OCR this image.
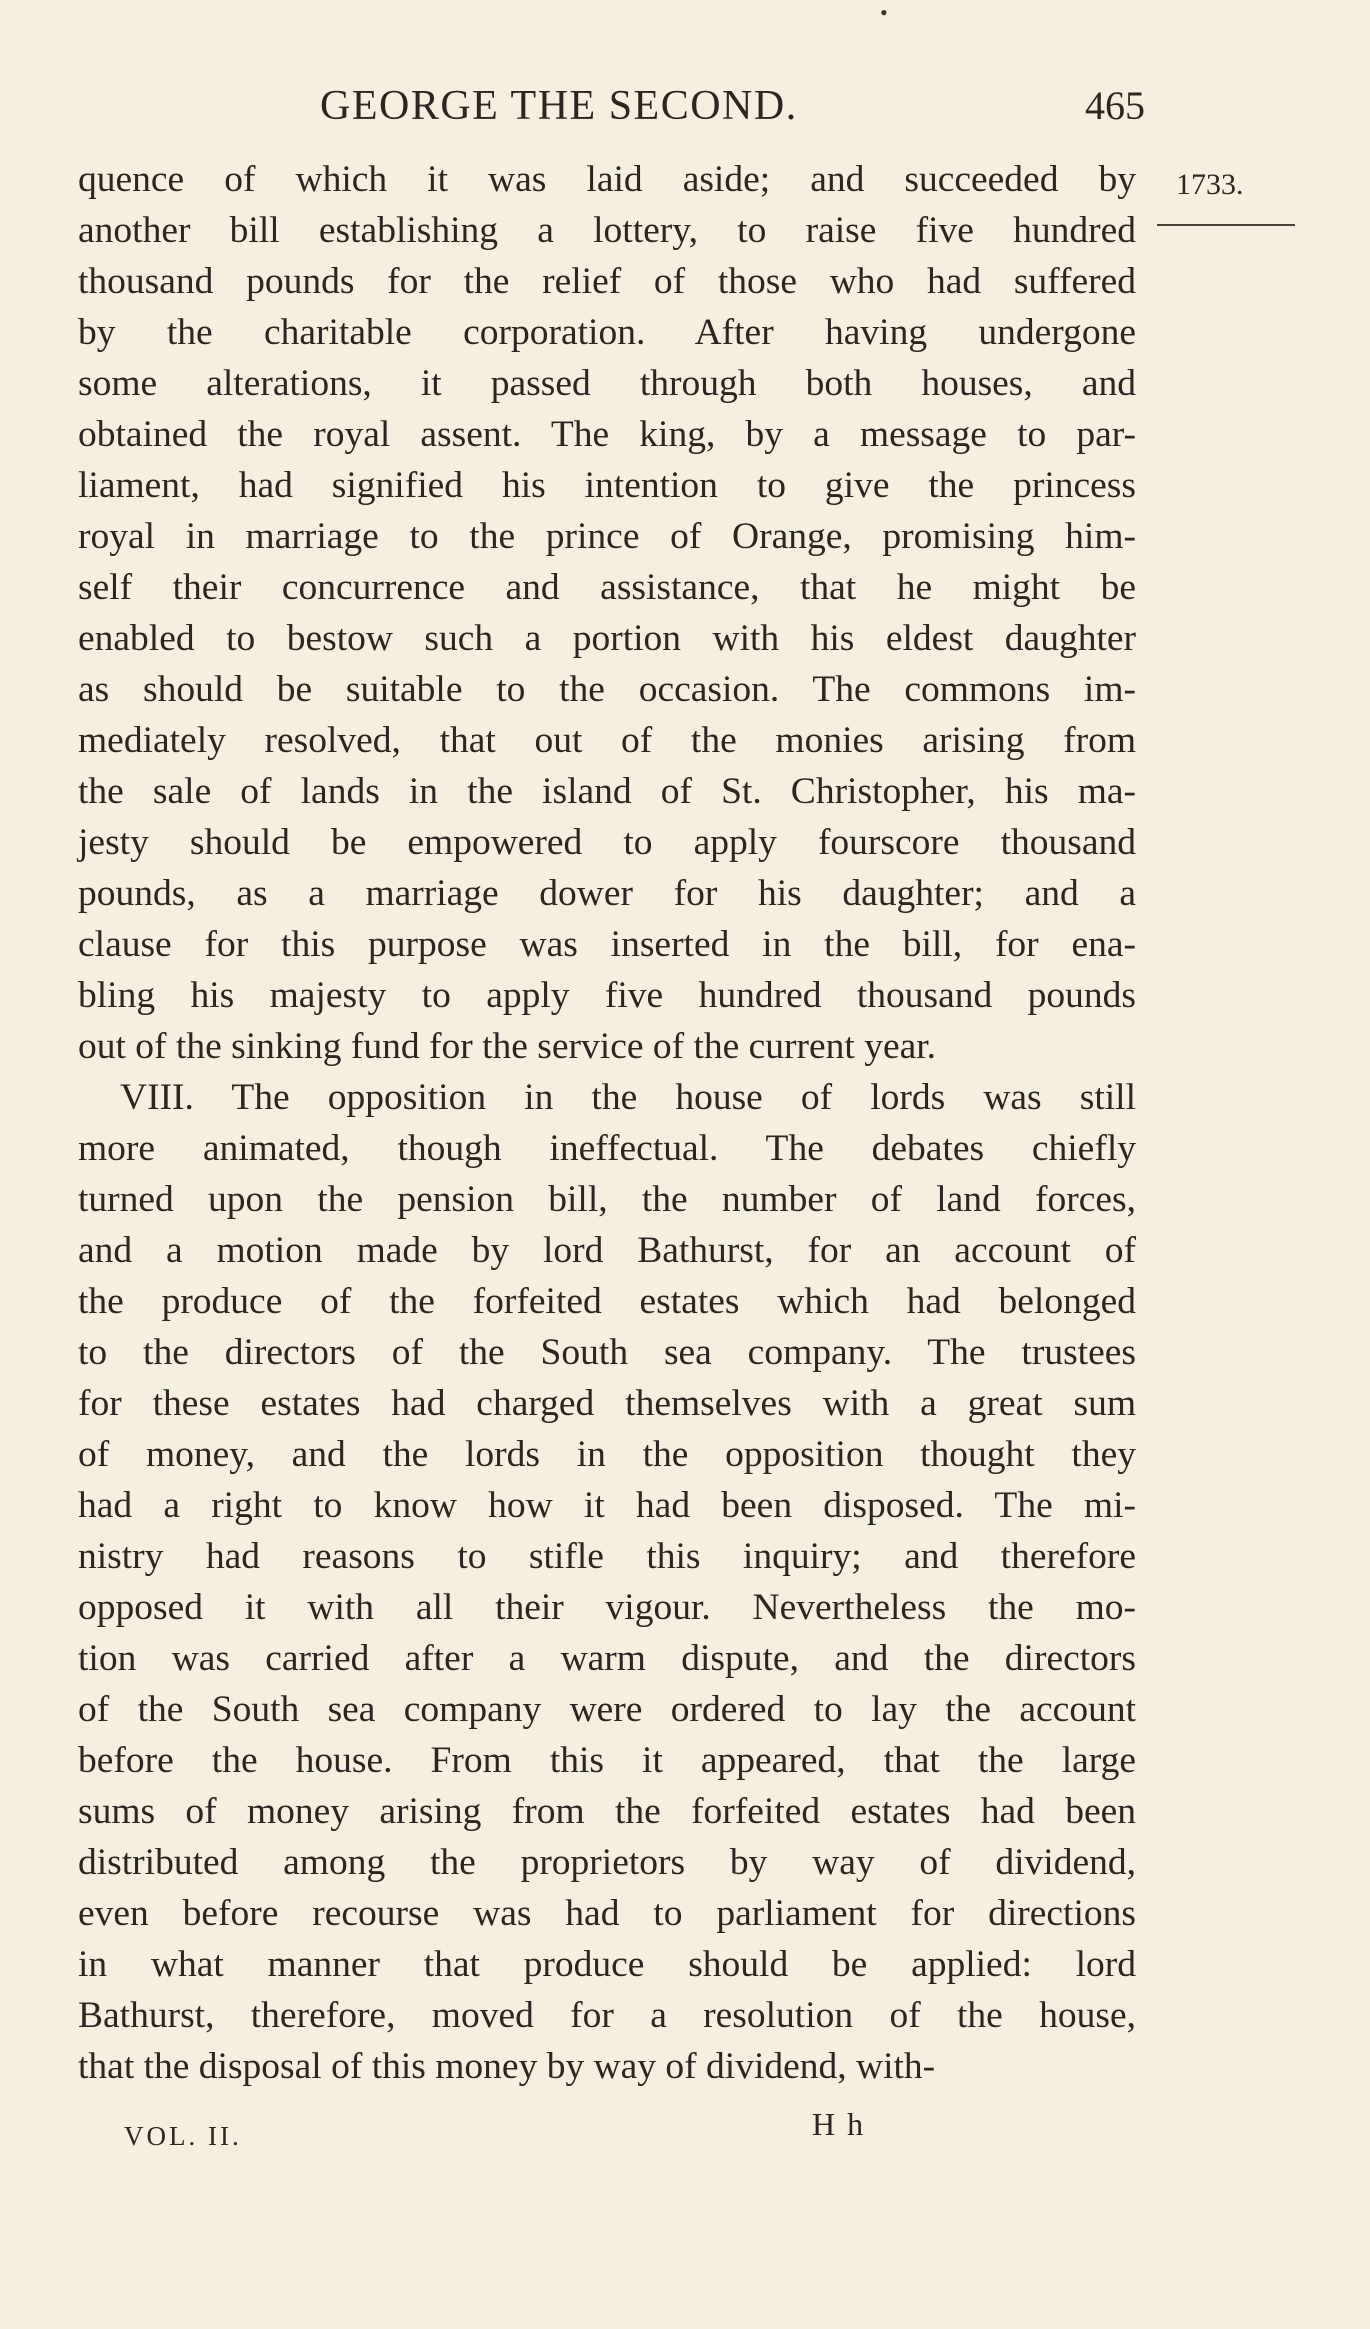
•
GEORGE THE SECOND.	465
1733.
quence of which it was laid aside; and succeeded by
another bill establishing a lottery, to raise five hundred
thousand pounds for the relief of those who had suffered
by the charitable corporation. After having undergone
some alterations, it passed through both houses, and
obtained the royal assent. The king, by a message to par-
liament, had signified his intention to give the princess
royal in marriage to the prince of Orange, promising him-
self their concurrence and assistance, that he might be
enabled to bestow such a portion with his eldest daughter
as should be suitable to the occasion. The commons im-
mediately resolved, that out of the monies arising from
the sale of lands in the island of St. Christopher, his ma-
jesty should be empowered to apply fourscore thousand
pounds, as a marriage dower for his daughter; and a
clause for this purpose was inserted in the bill, for ena-
bling his majesty to apply five hundred thousand pounds
out of the sinking fund for the service of the current year.
VIII. The opposition in the house of lords was still
more animated, though ineffectual. The debates chiefly
turned upon the pension bill, the number of land forces,
and a motion made by lord Bathurst, for an account of
the produce of the forfeited estates which had belonged
to the directors of the South sea company. The trustees
for these estates had charged themselves with a great sum
of money, and the lords in the opposition thought they
had a right to know how it had been disposed. The mi-
nistry had reasons to stifle this inquiry; and therefore
opposed it with all their vigour. Nevertheless the mo-
tion was carried after a warm dispute, and the directors
of the South sea company were ordered to lay the account
before the house. From this it appeared, that the large
sums of money arising from the forfeited estates had been
distributed among the proprietors by way of dividend,
even before recourse was had to parliament for directions
in what manner that produce should be applied: lord
Bathurst, therefore, moved for a resolution of the house,
that the disposal of this money by way of dividend, with-
VOL. II.	H h
